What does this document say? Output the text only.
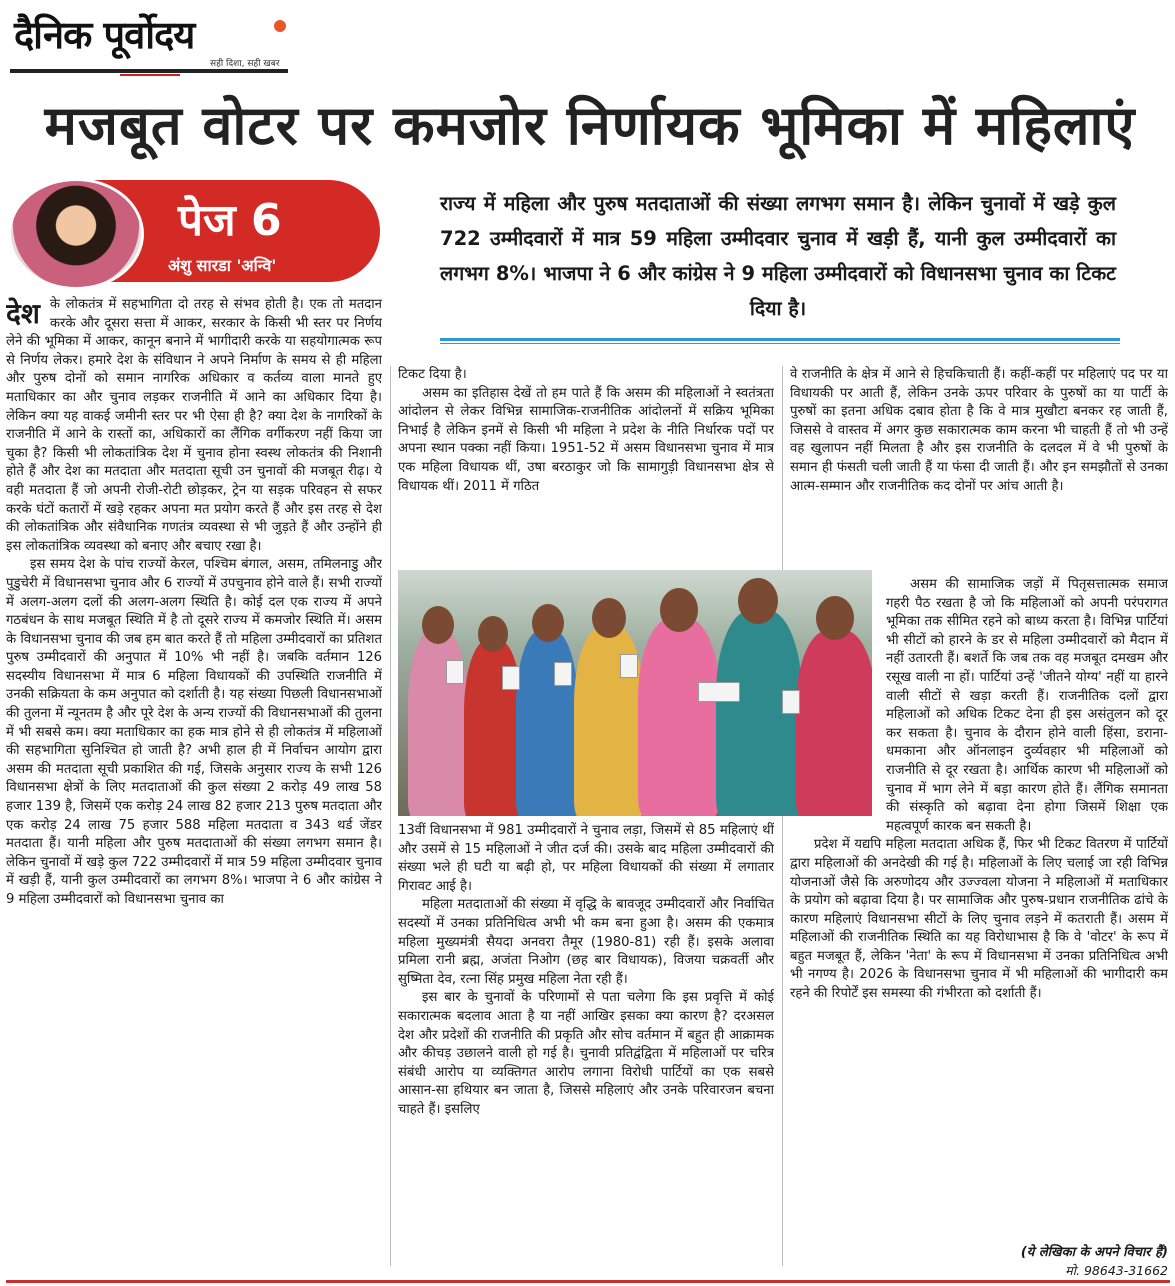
दैनिक पूर्वोदय
सही दिशा, सही खबर
मजबूत वोटर पर कमजोर निर्णायक भूमिका में महिलाएं
पेज 6
अंशु सारडा 'अन्वि'
राज्य में महिला और पुरुष मतदाताओं की संख्या लगभग समान है। लेकिन चुनावों में खड़े कुल 722 उम्मीदवारों में मात्र 59 महिला उम्मीदवार चुनाव में खड़ी हैं, यानी कुल उम्मीदवारों का लगभग 8%। भाजपा ने 6 और कांग्रेस ने 9 महिला उम्मीदवारों को विधानसभा चुनाव का टिकट दिया है।
देश के लोकतंत्र में सहभागिता दो तरह से संभव होती है। एक तो मतदान करके और दूसरा सत्ता में आकर, सरकार के किसी भी स्तर पर निर्णय लेने की भूमिका में आकर, कानून बनाने में भागीदारी करके या सहयोगात्मक रूप से निर्णय लेकर। हमारे देश के संविधान ने अपने निर्माण के समय से ही महिला और पुरुष दोनों को समान नागरिक अधिकार व कर्तव्य वाला मानते हुए मताधिकार का और चुनाव लड़कर राजनीति में आने का अधिकार दिया है। लेकिन क्या यह वाकई जमीनी स्तर पर भी ऐसा ही है? क्या देश के नागरिकों के राजनीति में आने के रास्तों का, अधिकारों का लैंगिक वर्गीकरण नहीं किया जा चुका है? किसी भी लोकतांत्रिक देश में चुनाव होना स्वस्थ लोकतंत्र की निशानी होते हैं और देश का मतदाता और मतदाता सूची उन चुनावों की मजबूत रीढ़। ये वही मतदाता हैं जो अपनी रोजी-रोटी छोड़कर, ट्रेन या सड़क परिवहन से सफर करके घंटों कतारों में खड़े रहकर अपना मत प्रयोग करते हैं और इस तरह से देश की लोकतांत्रिक और संवैधानिक गणतंत्र व्यवस्था से भी जुड़ते हैं और उन्होंने ही इस लोकतांत्रिक व्यवस्था को बनाए और बचाए रखा है।

इस समय देश के पांच राज्यों केरल, पश्चिम बंगाल, असम, तमिलनाडु और पुडुचेरी में विधानसभा चुनाव और 6 राज्यों में उपचुनाव होने वाले हैं। सभी राज्यों में अलग-अलग दलों की अलग-अलग स्थिति है। कोई दल एक राज्य में अपने गठबंधन के साथ मजबूत स्थिति में है तो दूसरे राज्य में कमजोर स्थिति में। असम के विधानसभा चुनाव की जब हम बात करते हैं तो महिला उम्मीदवारों का प्रतिशत पुरुष उम्मीदवारों की अनुपात में 10% भी नहीं है। जबकि वर्तमान 126 सदस्यीय विधानसभा में मात्र 6 महिला विधायकों की उपस्थिति राजनीति में उनकी सक्रियता के कम अनुपात को दर्शाती है। यह संख्या पिछली विधानसभाओं की तुलना में न्यूनतम है और पूरे देश के अन्य राज्यों की विधानसभाओं की तुलना में भी सबसे कम। क्या मताधिकार का हक मात्र होने से ही लोकतंत्र में महिलाओं की सहभागिता सुनिश्चित हो जाती है? अभी हाल ही में निर्वाचन आयोग द्वारा असम की मतदाता सूची प्रकाशित की गई, जिसके अनुसार राज्य के सभी 126 विधानसभा क्षेत्रों के लिए मतदाताओं की कुल संख्या 2 करोड़ 49 लाख 58 हजार 139 है, जिसमें एक करोड़ 24 लाख 82 हजार 213 पुरुष मतदाता और एक करोड़ 24 लाख 75 हजार 588 महिला मतदाता व 343 थर्ड जेंडर मतदाता हैं। यानी महिला और पुरुष मतदाताओं की संख्या लगभग समान है। लेकिन चुनावों में खड़े कुल 722 उम्मीदवारों में मात्र 59 महिला उम्मीदवार चुनाव में खड़ी हैं, यानी कुल उम्मीदवारों का लगभग 8%। भाजपा ने 6 और कांग्रेस ने 9 महिला उम्मीदवारों को विधानसभा चुनाव का

टिकट दिया है।

असम का इतिहास देखें तो हम पाते हैं कि असम की महिलाओं ने स्वतंत्रता आंदोलन से लेकर विभिन्न सामाजिक-राजनीतिक आंदोलनों में सक्रिय भूमिका निभाई है लेकिन इनमें से किसी भी महिला ने प्रदेश के नीति निर्धारक पदों पर अपना स्थान पक्का नहीं किया। 1951-52 में असम विधानसभा चुनाव में मात्र एक महिला विधायक थीं, उषा बरठाकुर जो कि सामागुड़ी विधानसभा क्षेत्र से विधायक थीं। 2011 में गठित

13वीं विधानसभा में 981 उम्मीदवारों ने चुनाव लड़ा, जिसमें से 85 महिलाएं थीं और उसमें से 15 महिलाओं ने जीत दर्ज की। उसके बाद महिला उम्मीदवारों की संख्या भले ही घटी या बढ़ी हो, पर महिला विधायकों की संख्या में लगातार गिरावट आई है।

महिला मतदाताओं की संख्या में वृद्धि के बावजूद उम्मीदवारों और निर्वाचित सदस्यों में उनका प्रतिनिधित्व अभी भी कम बना हुआ है। असम की एकमात्र महिला मुख्यमंत्री सैयदा अनवरा तैमूर (1980-81) रही हैं। इसके अलावा प्रमिला रानी ब्रह्म, अजंता निओग (छह बार विधायक), विजया चक्रवर्ती और सुष्मिता देव, रत्ना सिंह प्रमुख महिला नेता रही हैं।

इस बार के चुनावों के परिणामों से पता चलेगा कि इस प्रवृत्ति में कोई सकारात्मक बदलाव आता है या नहीं आखिर इसका क्या कारण है? दरअसल देश और प्रदेशों की राजनीति की प्रकृति और सोच वर्तमान में बहुत ही आक्रामक और कीचड़ उछालने वाली हो गई है। चुनावी प्रतिद्वंद्विता में महिलाओं पर चरित्र संबंधी आरोप या व्यक्तिगत आरोप लगाना विरोधी पार्टियों का एक सबसे आसान-सा हथियार बन जाता है, जिससे महिलाएं और उनके परिवारजन बचना चाहते हैं। इसलिए

वे राजनीति के क्षेत्र में आने से हिचकिचाती हैं। कहीं-कहीं पर महिलाएं पद पर या विधायकी पर आती हैं, लेकिन उनके ऊपर परिवार के पुरुषों का या पार्टी के पुरुषों का इतना अधिक दबाव होता है कि वे मात्र मुखौटा बनकर रह जाती हैं, जिससे वे वास्तव में अगर कुछ सकारात्मक काम करना भी चाहती हैं तो भी उन्हें वह खुलापन नहीं मिलता है और इस राजनीति के दलदल में वे भी पुरुषों के समान ही फंसती चली जाती हैं या फंसा दी जाती हैं। और इन समझौतों से उनका आत्म-सम्मान और राजनीतिक कद दोनों पर आंच आती है।

असम की सामाजिक जड़ों में पितृसत्तात्मक समाज गहरी पैठ रखता है जो कि महिलाओं को अपनी परंपरागत भूमिका तक सीमित रहने को बाध्य करता है। विभिन्न पार्टियां भी सीटों को हारने के डर से महिला उम्मीदवारों को मैदान में नहीं उतारती हैं। बशर्ते कि जब तक वह मजबूत दमखम और रसूख वाली ना हों। पार्टियां उन्हें 'जीतने योग्य' नहीं या हारने वाली सीटों से खड़ा करती हैं। राजनीतिक दलों द्वारा महिलाओं को अधिक टिकट देना ही इस असंतुलन को दूर कर सकता है। चुनाव के दौरान होने वाली हिंसा, डराना-धमकाना और ऑनलाइन दुर्व्यवहार भी महिलाओं को राजनीति से दूर रखता है। आर्थिक कारण भी महिलाओं को चुनाव में भाग लेने में बड़ा कारण होते हैं। लैंगिक समानता की संस्कृति को बढ़ावा देना होगा जिसमें शिक्षा एक महत्वपूर्ण कारक बन सकती है।

प्रदेश में यद्यपि महिला मतदाता अधिक हैं, फिर भी टिकट वितरण में पार्टियों द्वारा महिलाओं की अनदेखी की गई है। महिलाओं के लिए चलाई जा रही विभिन्न योजनाओं जैसे कि अरुणोदय और उज्ज्वला योजना ने महिलाओं में मताधिकार के प्रयोग को बढ़ावा दिया है। पर सामाजिक और पुरुष-प्रधान राजनीतिक ढांचे के कारण महिलाएं विधानसभा सीटों के लिए चुनाव लड़ने में कतराती हैं। असम में महिलाओं की राजनीतिक स्थिति का यह विरोधाभास है कि वे 'वोटर' के रूप में बहुत मजबूत हैं, लेकिन 'नेता' के रूप में विधानसभा में उनका प्रतिनिधित्व अभी भी नगण्य है। 2026 के विधानसभा चुनाव में भी महिलाओं की भागीदारी कम रहने की रिपोर्टें इस समस्या की गंभीरता को दर्शाती हैं।

(ये लेखिका के अपने विचार हैं)
मो. 98643-31662
